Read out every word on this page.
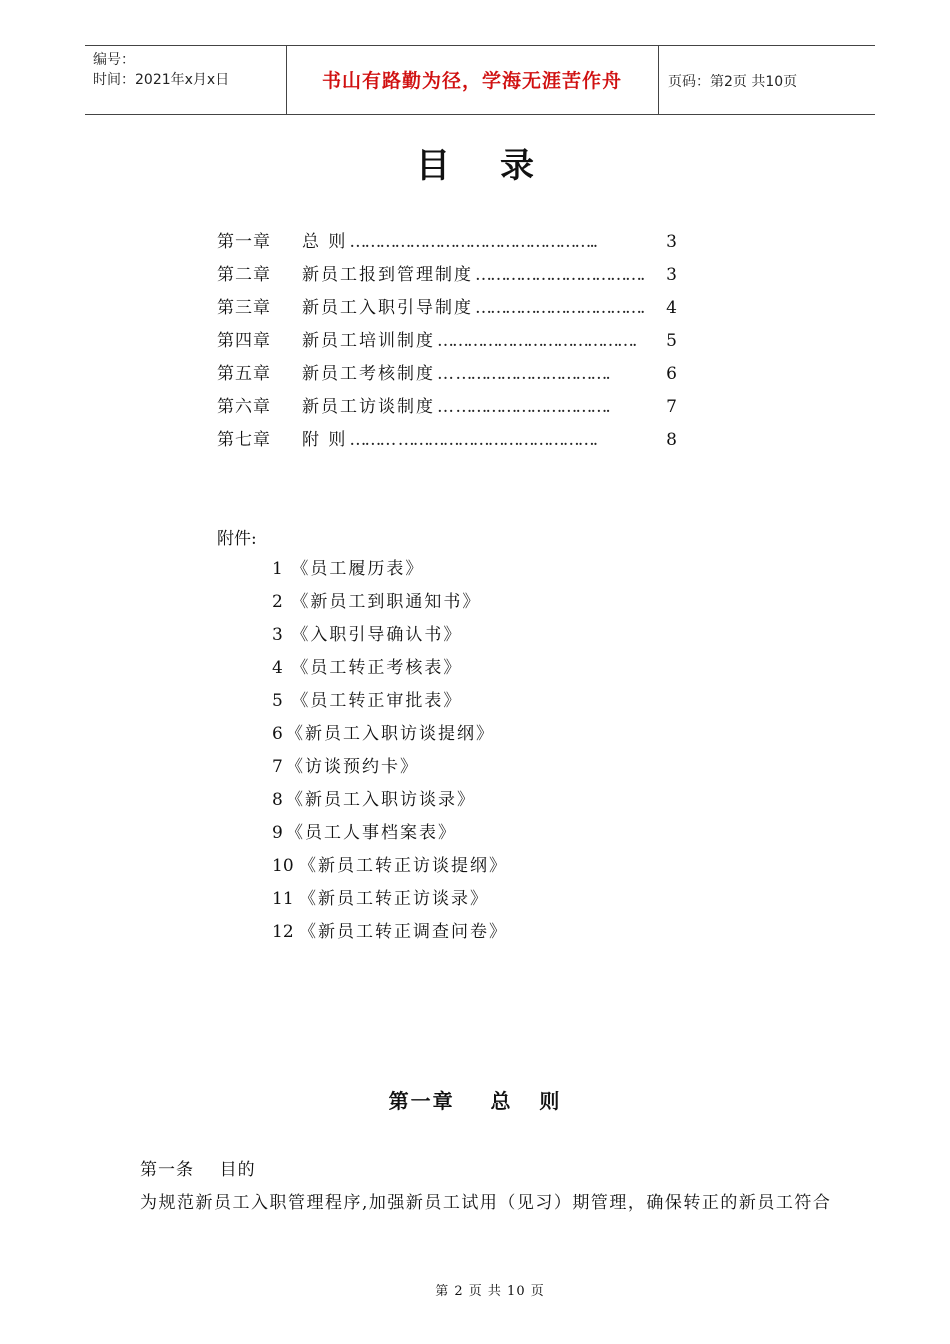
编号：
时间：2021年x月x日	书山有路勤为径，学海无涯苦作舟	页码：第2页 共10页
目录
第一章	总 则 …………………………………………..	3
第二章	新员工报到管理制度 …………………………….	3
第三章	新员工入职引导制度 …………………………….	4
第四章	新员工培训制度 ………………………………….	5
第五章	新员工考核制度 … ………………………….	6
第六章	新员工访谈制度 … ………………………….	7
第七章	附 则 ……… ………………………………….	8
附件:
1 《员工履历表》
2 《新员工到职通知书》
3 《入职引导确认书》
4 《员工转正考核表》
5 《员工转正审批表》
6 《新员工入职访谈提纲》
7 《访谈预约卡》
8 《新员工入职访谈录》
9 《员工人事档案表》
10 《新员工转正访谈提纲》
11 《新员工转正访谈录》
12 《新员工转正调查问卷》
第一章    总   则
第一条    目的
为规范新员工入职管理程序,加强新员工试用（见习）期管理，确保转正的新员工符合
第 2 页 共 10 页
